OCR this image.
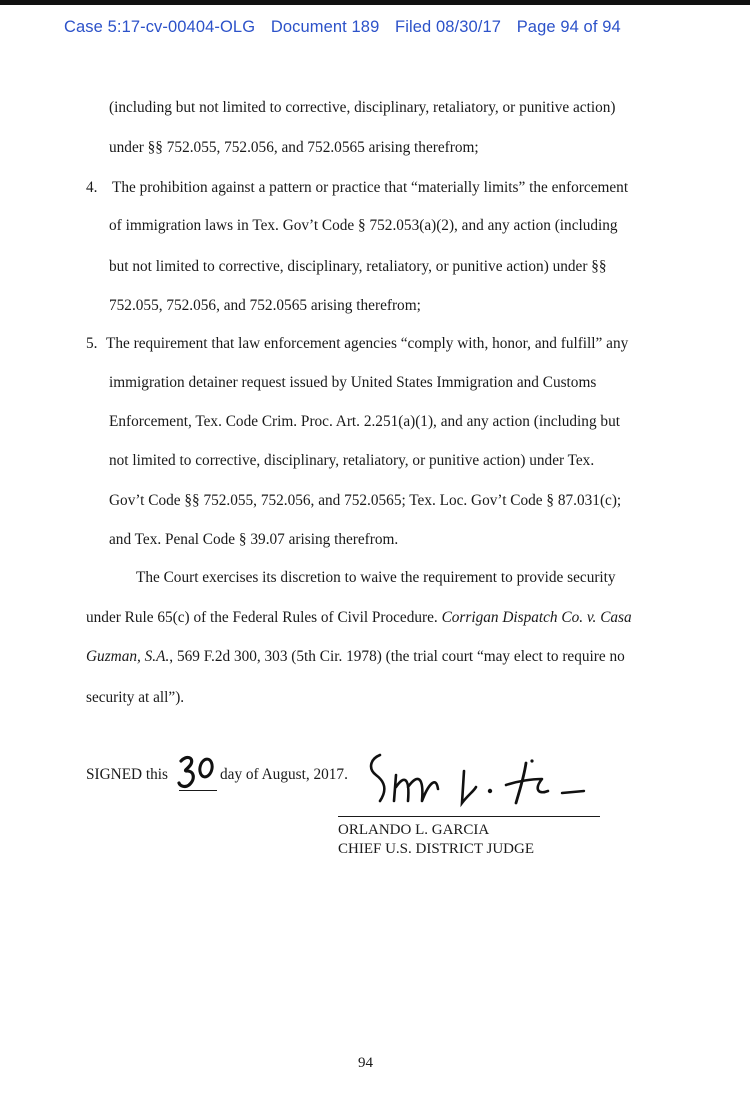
Case 5:17-cv-00404-OLG Document 189 Filed 08/30/17 Page 94 of 94
(including but not limited to corrective, disciplinary, retaliatory, or punitive action)
under §§ 752.055, 752.056, and 752.0565 arising therefrom;
4. The prohibition against a pattern or practice that “materially limits” the enforcement
of immigration laws in Tex. Gov’t Code § 752.053(a)(2), and any action (including
but not limited to corrective, disciplinary, retaliatory, or punitive action) under §§
752.055, 752.056, and 752.0565 arising therefrom;
5. The requirement that law enforcement agencies “comply with, honor, and fulfill” any
immigration detainer request issued by United States Immigration and Customs
Enforcement, Tex. Code Crim. Proc. Art. 2.251(a)(1), and any action (including but
not limited to corrective, disciplinary, retaliatory, or punitive action) under Tex.
Gov’t Code §§ 752.055, 752.056, and 752.0565; Tex. Loc. Gov’t Code § 87.031(c);
and Tex. Penal Code § 39.07 arising therefrom.
The Court exercises its discretion to waive the requirement to provide security
under Rule 65(c) of the Federal Rules of Civil Procedure. Corrigan Dispatch Co. v. Casa
Guzman, S.A., 569 F.2d 300, 303 (5th Cir. 1978) (the trial court “may elect to require no
security at all”).
SIGNED this	day of August, 2017.
ORLANDO L. GARCIA
CHIEF U.S. DISTRICT JUDGE
94
